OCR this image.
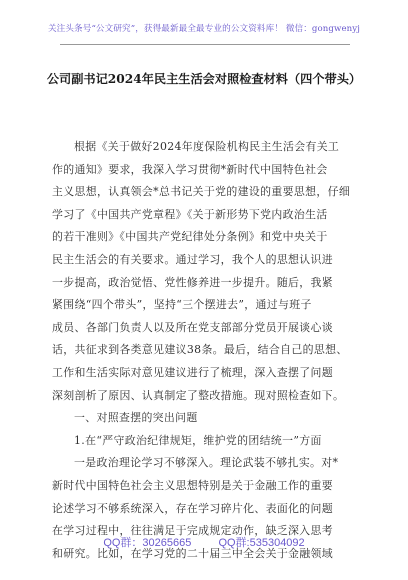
关注头条号“公文研究”，获得最新最全最专业的公文资料库！ 微信：gongwenyj
公司副书记2024年民主生活会对照检查材料（四个带头）
根据《关于做好2024年度保险机构民主生活会有关工
作的通知》要求，我深入学习贯彻*新时代中国特色社会
主义思想，认真领会*总书记关于党的建设的重要思想，仔细
学习了《中国共产党章程》《关于新形势下党内政治生活
的若干准则》《中国共产党纪律处分条例》和党中央关于
民主生活会的有关要求。通过学习，我个人的思想认识进
一步提高，政治觉悟、党性修养进一步提升。随后，我紧
紧围绕“四个带头”，坚持“三个摆进去”，通过与班子
成员、各部门负责人以及所在党支部部分党员开展谈心谈
话，共征求到各类意见建议38条。最后，结合自己的思想、
工作和生活实际对意见建议进行了梳理，深入查摆了问题
深刻剖析了原因、认真制定了整改措施。现对照检查如下。
一、对照查摆的突出问题
1.在“严守政治纪律规矩，维护党的团结统一”方面
一是政治理论学习不够深入。理论武装不够扎实。对*
新时代中国特色社会主义思想特别是关于金融工作的重要
论述学习不够系统深入，存在学习碎片化、表面化的问题
在学习过程中，往往满足于完成规定动作，缺乏深入思考
和研究。比如，在学习党的二十届三中全会关于金融领域
QQ群：30265665 QQ群:535304092
